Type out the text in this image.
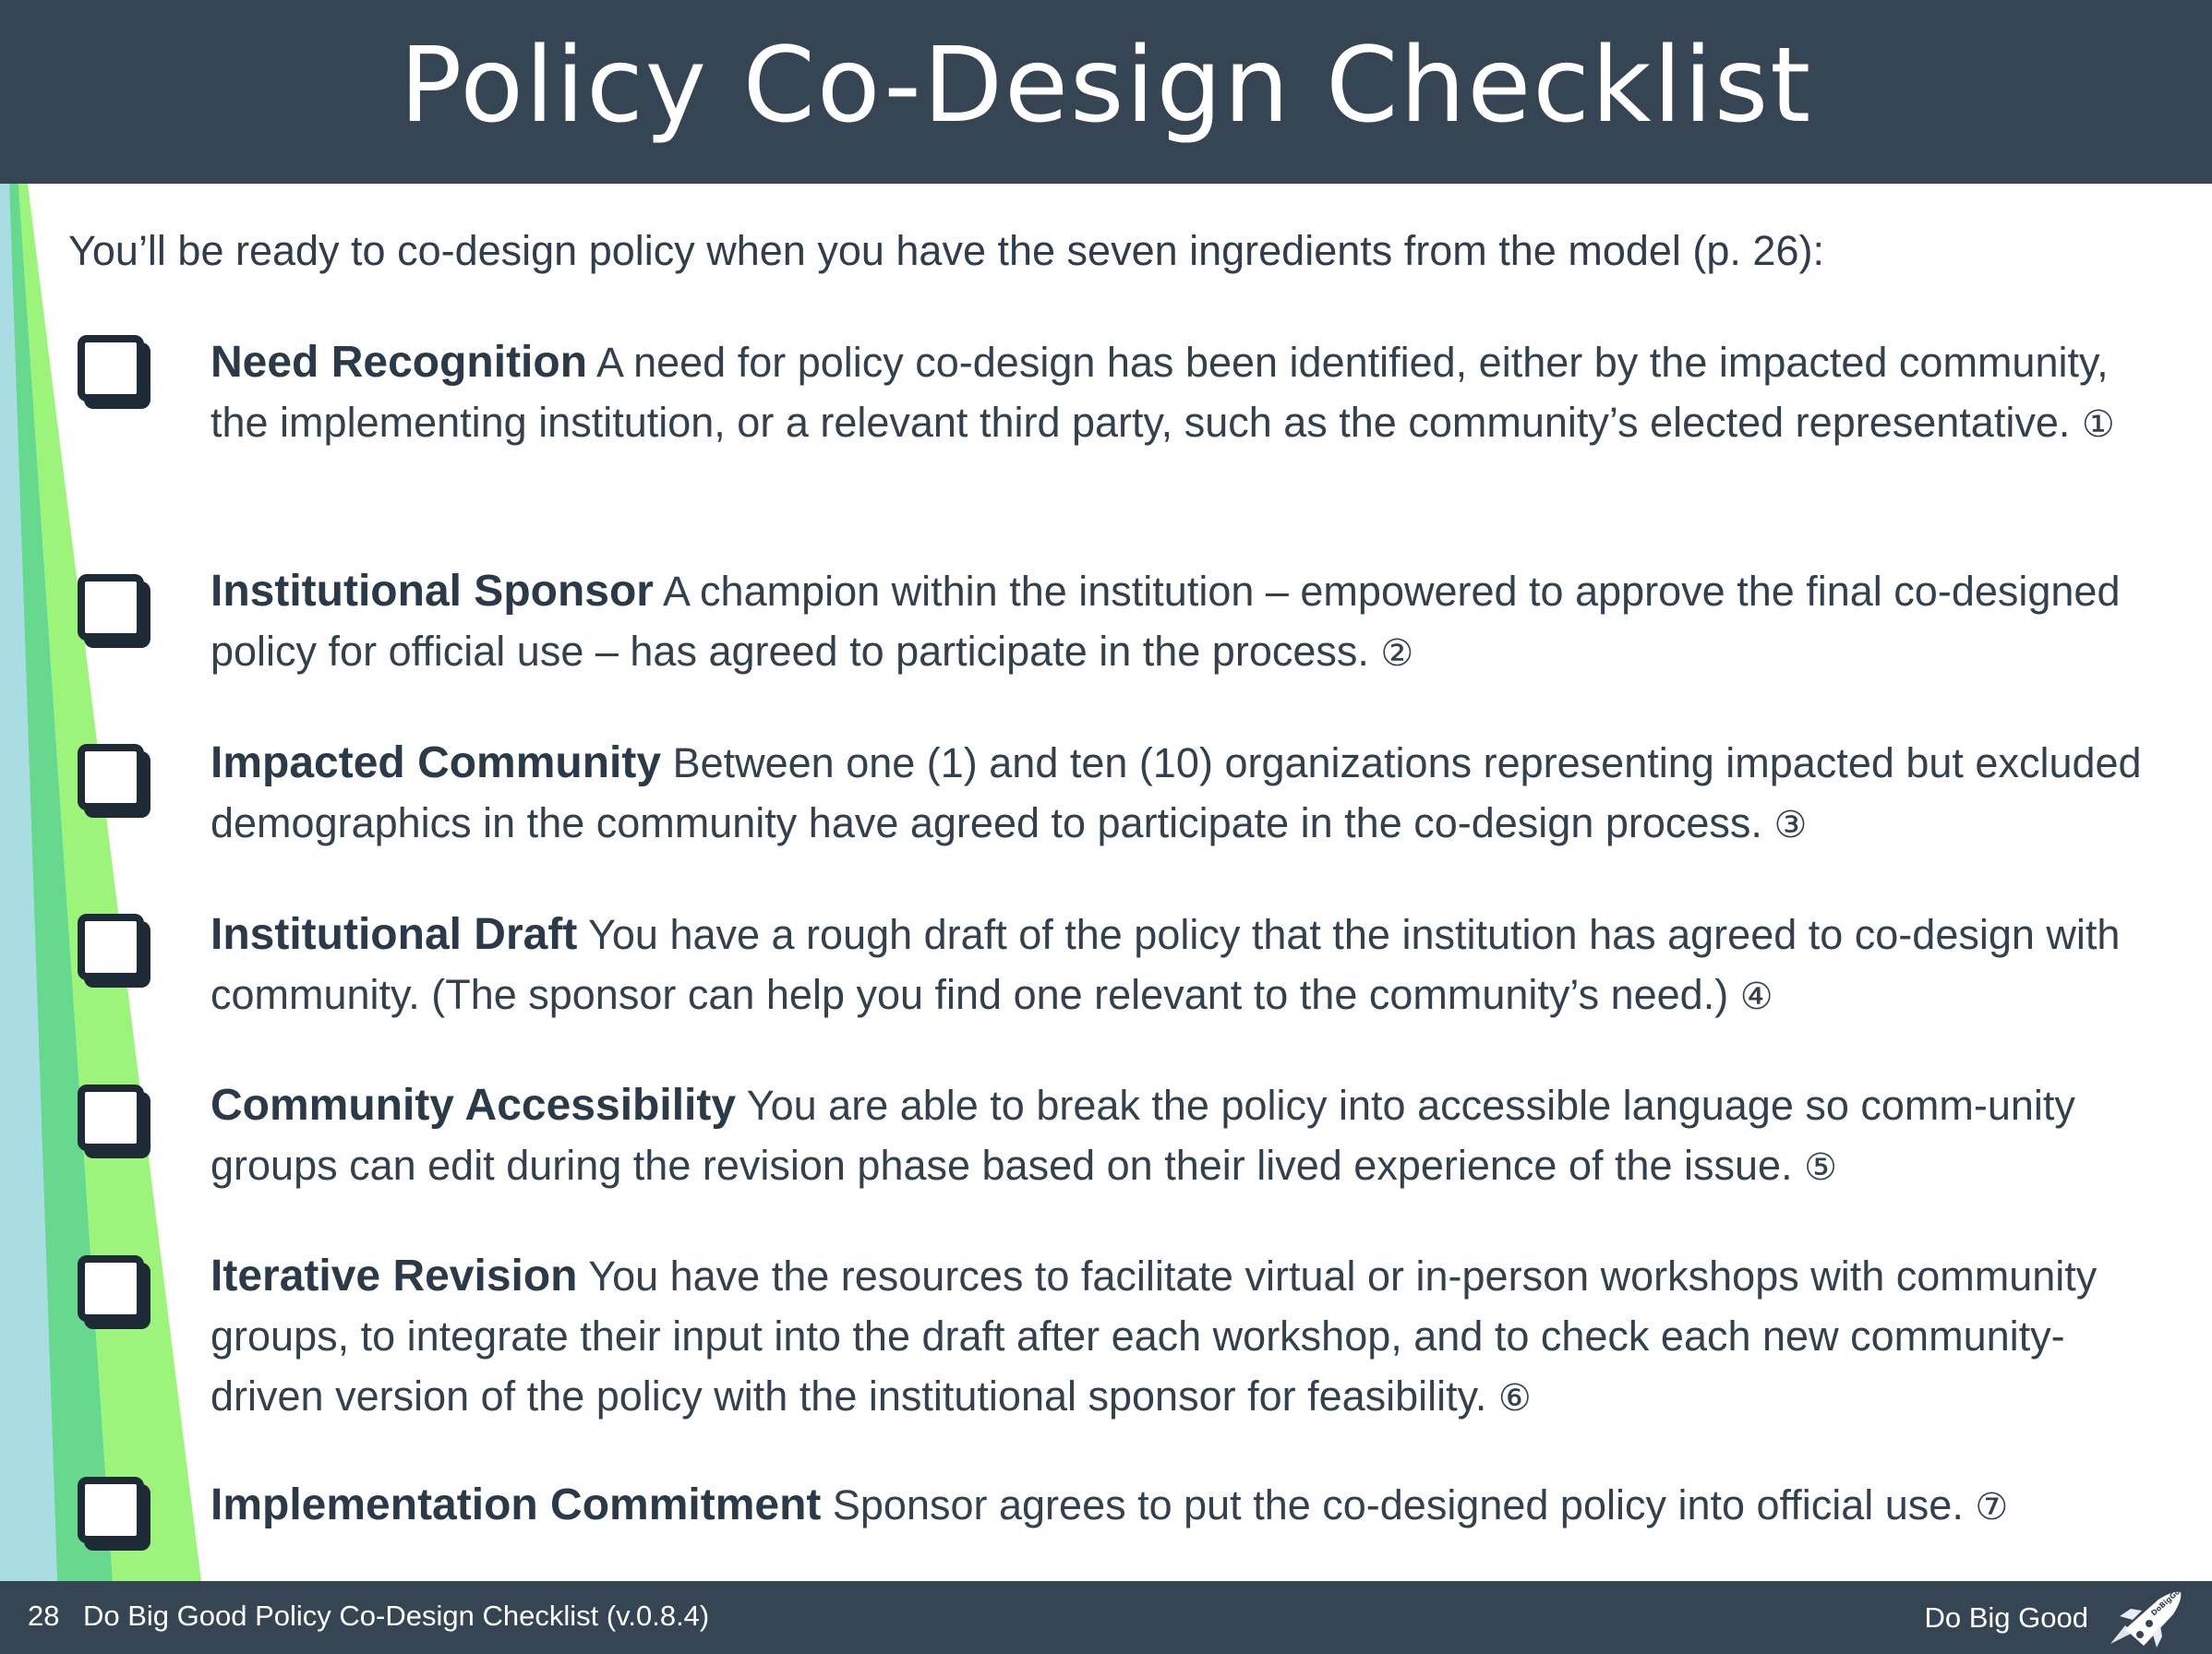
Policy Co-Design Checklist

You’ll be ready to co-design policy when you have the seven ingredients from the model (p. 26):

Need Recognition A need for policy co-design has been identified, either by the impacted community, the implementing institution, or a relevant third party, such as the community’s elected representative. ①

Institutional Sponsor A champion within the institution – empowered to approve the final co-designed policy for official use – has agreed to participate in the process. ②

Impacted Community Between one (1) and ten (10) organizations representing impacted but excluded demographics in the community have agreed to participate in the co-design process. ③

Institutional Draft You have a rough draft of the policy that the institution has agreed to co-design with community. (The sponsor can help you find one relevant to the community’s need.) ④

Community Accessibility You are able to break the policy into accessible language so comm-unity groups can edit during the revision phase based on their lived experience of the issue. ⑤

Iterative Revision You have the resources to facilitate virtual or in-person workshops with community groups, to integrate their input into the draft after each workshop, and to check each new community-driven version of the policy with the institutional sponsor for feasibility. ⑥

Implementation Commitment Sponsor agrees to put the co-designed policy into official use. ⑦

28 Do Big Good Policy Co-Design Checklist (v.0.8.4)	Do Big Good
DoBigGood
